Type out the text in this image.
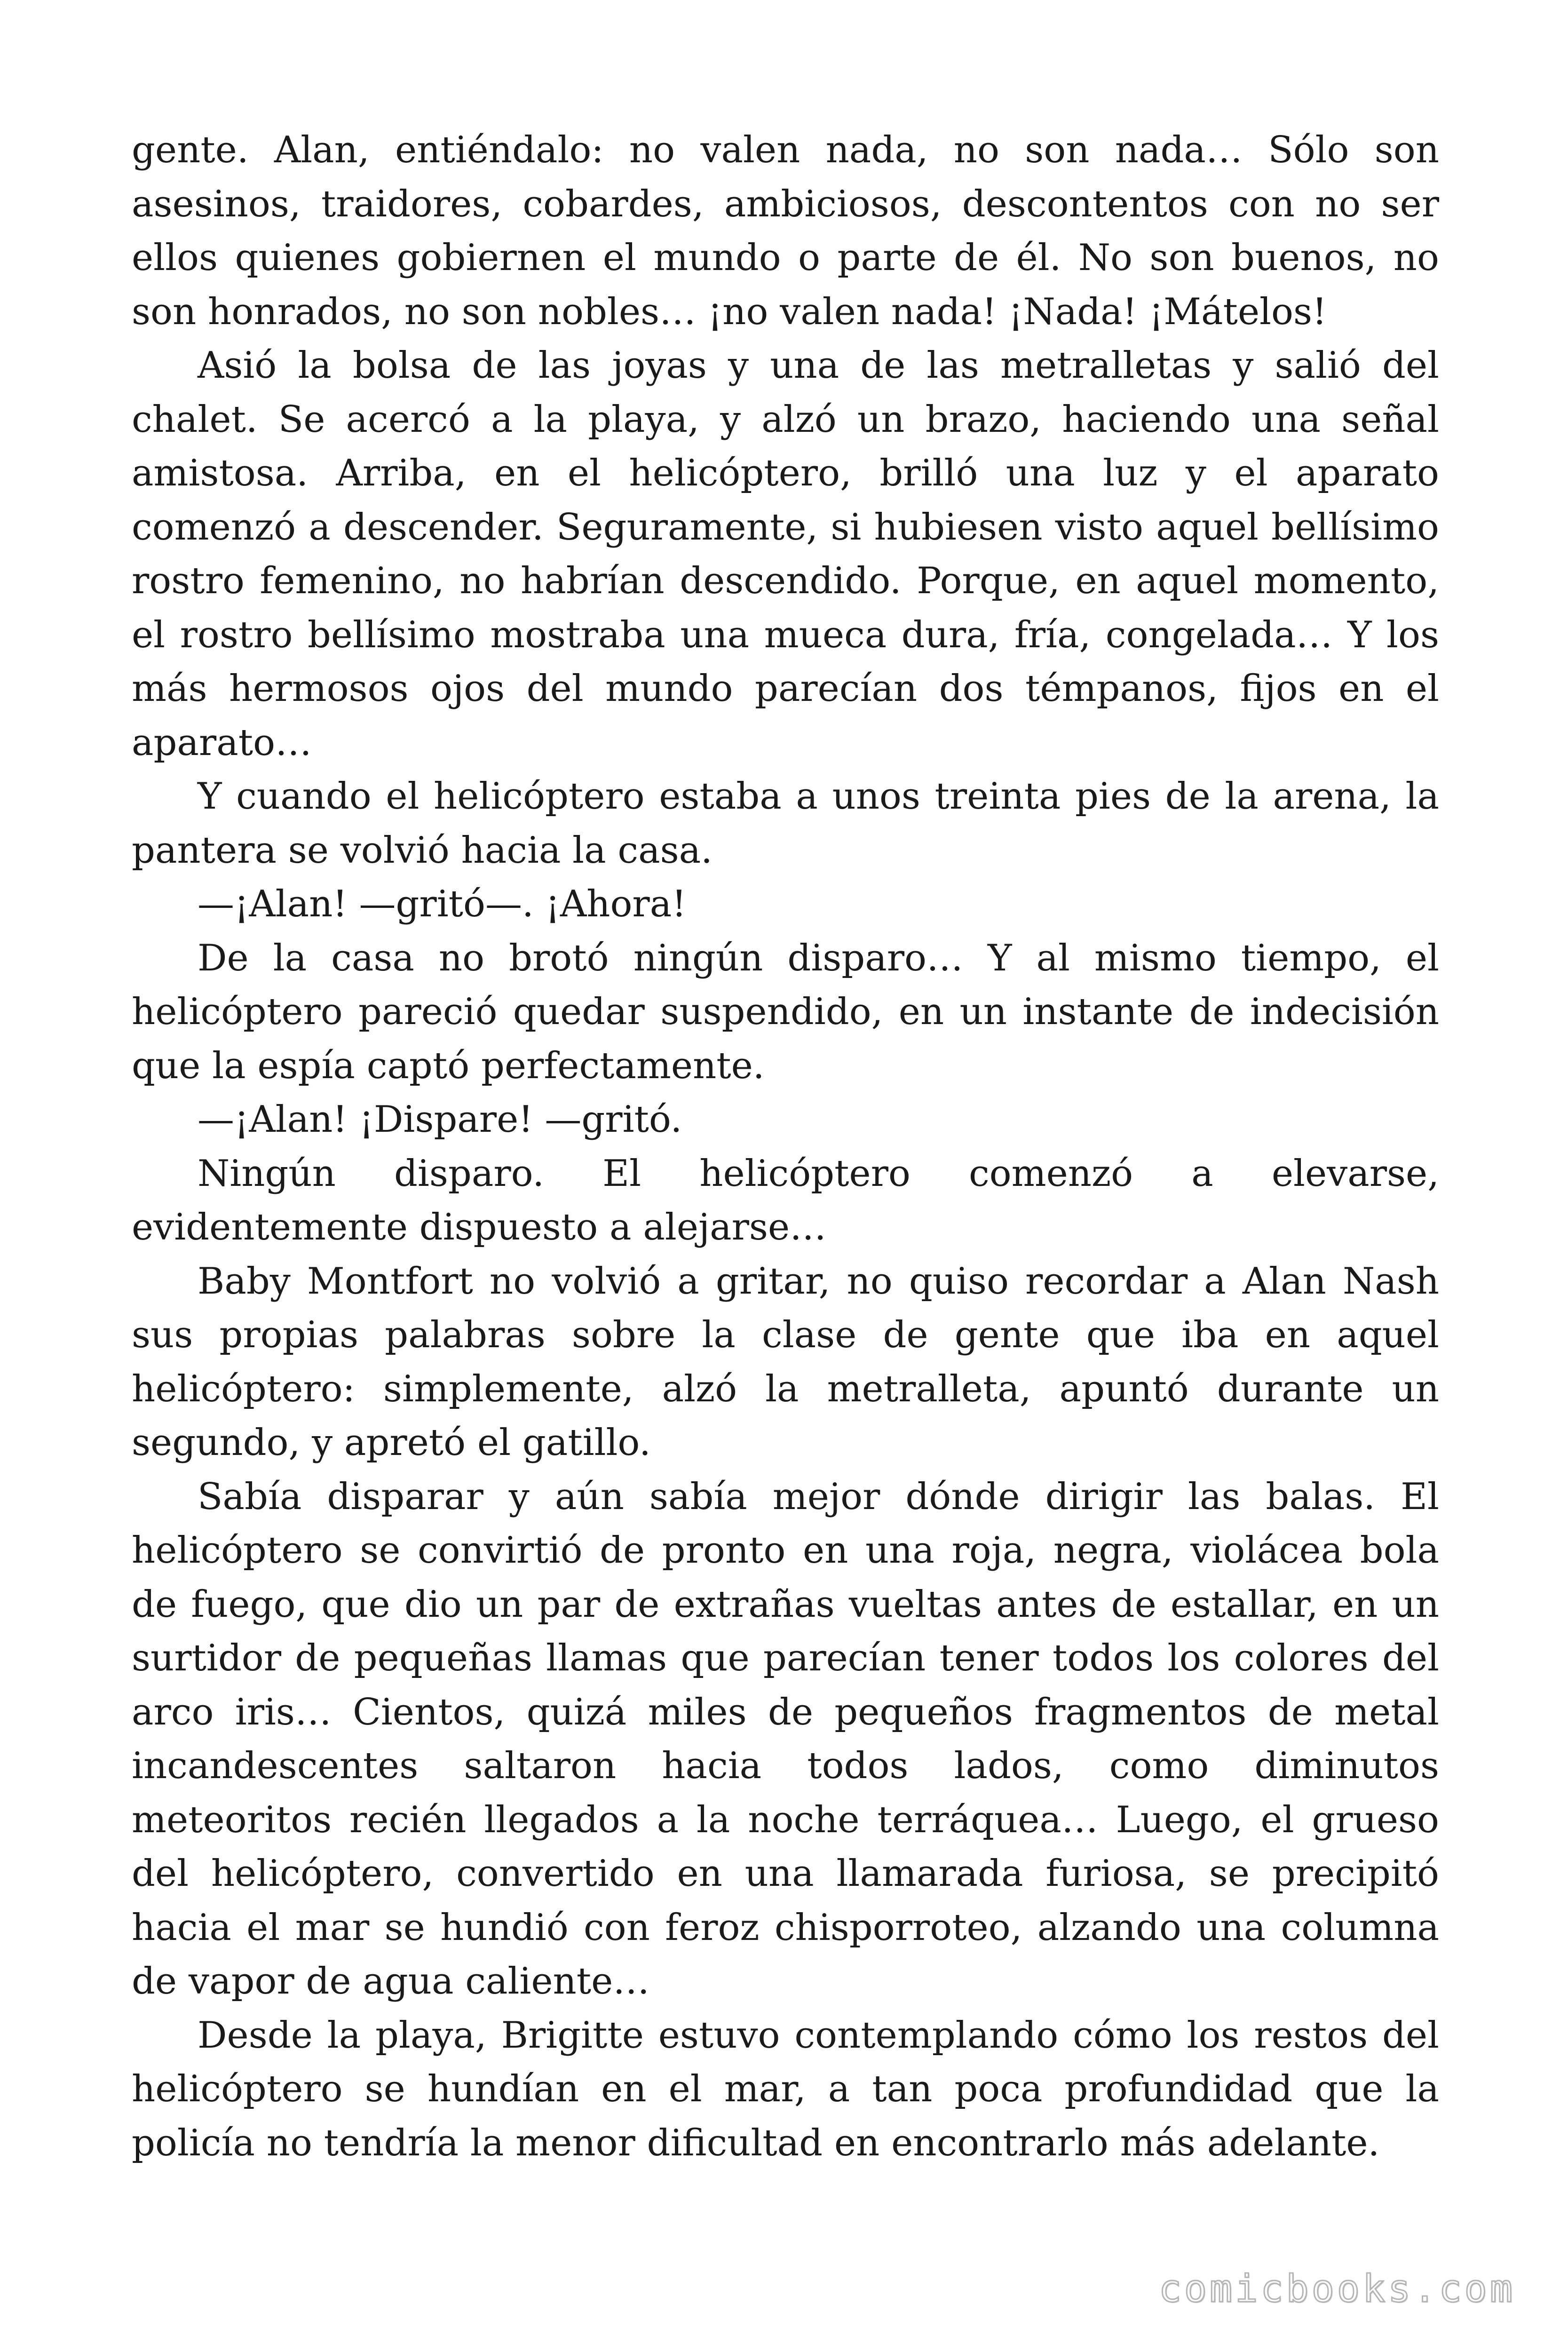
gente. Alan, entiéndalo: no valen nada, no son nada… Sólo son asesinos, traidores, cobardes, ambiciosos, descontentos con no ser ellos quienes gobiernen el mundo o parte de él. No son buenos, no son honrados, no son nobles… ¡no valen nada! ¡Nada! ¡Mátelos!

Asió la bolsa de las joyas y una de las metralletas y salió del chalet. Se acercó a la playa, y alzó un brazo, haciendo una señal amistosa. Arriba, en el helicóptero, brilló una luz y el aparato comenzó a descender. Seguramente, si hubiesen visto aquel bellísimo rostro femenino, no habrían descendido. Porque, en aquel momento, el rostro bellísimo mostraba una mueca dura, fría, congelada… Y los más hermosos ojos del mundo parecían dos témpanos, fijos en el aparato…

Y cuando el helicóptero estaba a unos treinta pies de la arena, la pantera se volvió hacia la casa.

—¡Alan! —gritó—. ¡Ahora!

De la casa no brotó ningún disparo… Y al mismo tiempo, el helicóptero pareció quedar suspendido, en un instante de indecisión que la espía captó perfectamente.

—¡Alan! ¡Dispare! —gritó.

Ningún disparo. El helicóptero comenzó a elevarse, evidentemente dispuesto a alejarse…

Baby Montfort no volvió a gritar, no quiso recordar a Alan Nash sus propias palabras sobre la clase de gente que iba en aquel helicóptero: simplemente, alzó la metralleta, apuntó durante un segundo, y apretó el gatillo.

Sabía disparar y aún sabía mejor dónde dirigir las balas. El helicóptero se convirtió de pronto en una roja, negra, violácea bola de fuego, que dio un par de extrañas vueltas antes de estallar, en un surtidor de pequeñas llamas que parecían tener todos los colores del arco iris… Cientos, quizá miles de pequeños fragmentos de metal incandescentes saltaron hacia todos lados, como diminutos meteoritos recién llegados a la noche terráquea… Luego, el grueso del helicóptero, convertido en una llamarada furiosa, se precipitó hacia el mar se hundió con feroz chisporroteo, alzando una columna de vapor de agua caliente…

Desde la playa, Brigitte estuvo contemplando cómo los restos del helicóptero se hundían en el mar, a tan poca profundidad que la policía no tendría la menor dificultad en encontrarlo más adelante.

comicbooks.com
